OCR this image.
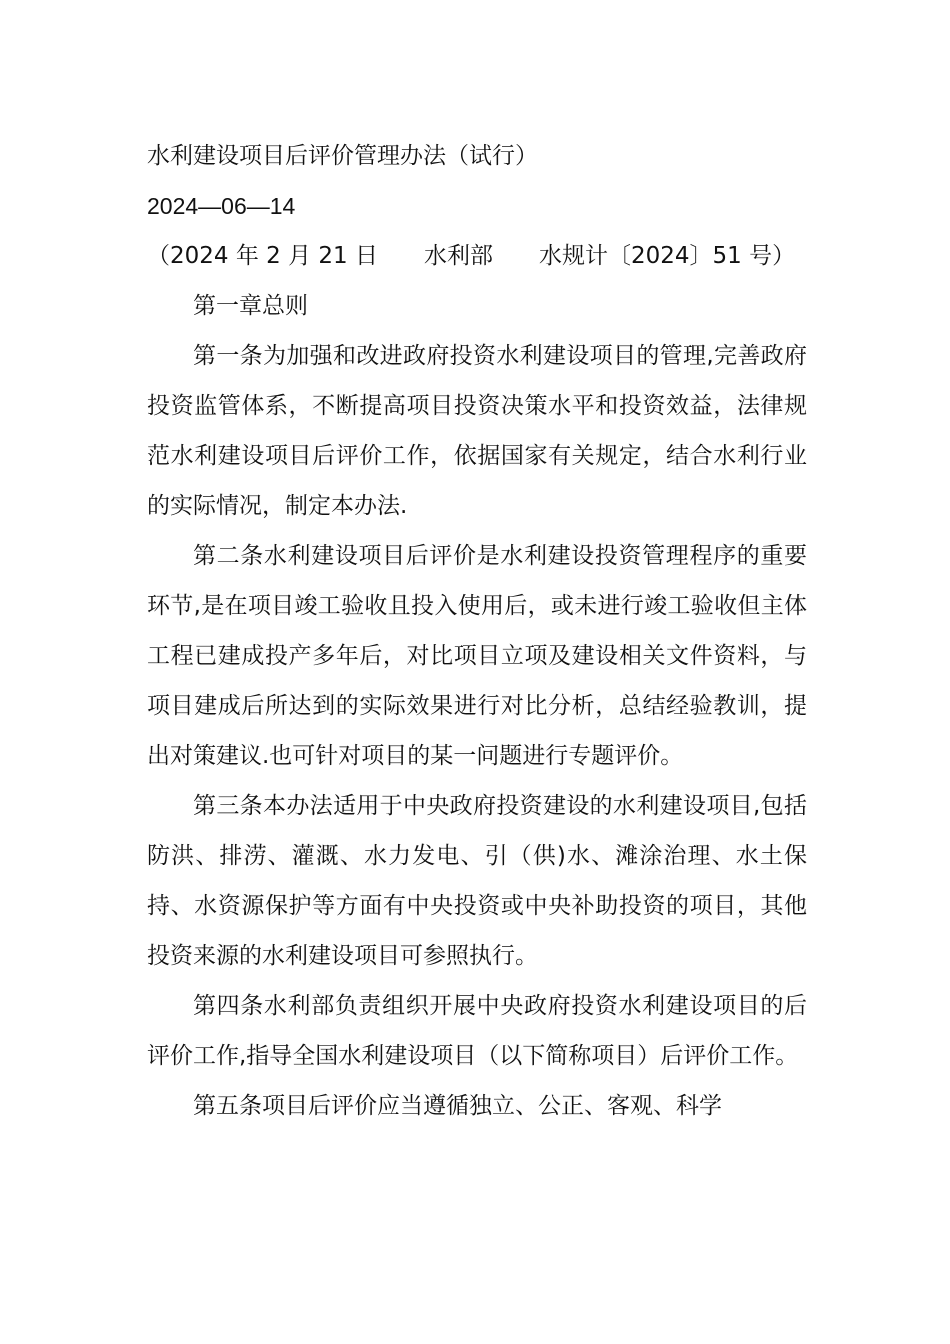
水利建设项目后评价管理办法（试行）
2024—06—14
（2024 年 2 月 21 日　　水利部　　水规计〔2024〕51 号）

第一章总则

第一条为加强和改进政府投资水利建设项目的管理,完善政府投资监管体系，不断提高项目投资决策水平和投资效益，法律规范水利建设项目后评价工作，依据国家有关规定，结合水利行业的实际情况，制定本办法.

第二条水利建设项目后评价是水利建设投资管理程序的重要环节,是在项目竣工验收且投入使用后，或未进行竣工验收但主体工程已建成投产多年后，对比项目立项及建设相关文件资料，与项目建成后所达到的实际效果进行对比分析，总结经验教训，提出对策建议.也可针对项目的某一问题进行专题评价。

第三条本办法适用于中央政府投资建设的水利建设项目,包括防洪、排涝、灌溉、水力发电、引（供)水、滩涂治理、水土保持、水资源保护等方面有中央投资或中央补助投资的项目，其他投资来源的水利建设项目可参照执行。

第四条水利部负责组织开展中央政府投资水利建设项目的后评价工作,指导全国水利建设项目（以下简称项目）后评价工作。

第五条项目后评价应当遵循独立、公正、客观、科学
